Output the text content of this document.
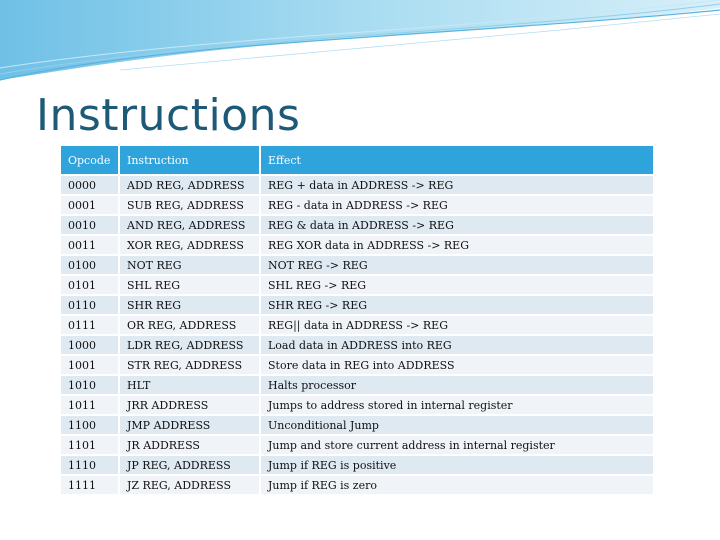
Instructions
Opcode	Instruction	Effect
0000	ADD REG, ADDRESS	REG + data in ADDRESS -> REG
0001	SUB REG, ADDRESS	REG - data in ADDRESS -> REG
0010	AND REG, ADDRESS	REG & data in ADDRESS -> REG
0011	XOR REG, ADDRESS	REG XOR data in ADDRESS -> REG
0100	NOT REG	NOT REG -> REG
0101	SHL REG	SHL REG -> REG
0110	SHR REG	SHR REG -> REG
0111	OR REG, ADDRESS	REG|| data in ADDRESS -> REG
1000	LDR REG, ADDRESS	Load data in ADDRESS into REG
1001	STR REG, ADDRESS	Store data in REG into ADDRESS
1010	HLT	Halts processor
1011	JRR ADDRESS	Jumps to address stored in internal register
1100	JMP ADDRESS	Unconditional Jump
1101	JR ADDRESS	Jump and store current address in internal register
1110	JP REG, ADDRESS	Jump if REG is positive
1111	JZ REG, ADDRESS	Jump if REG is zero
